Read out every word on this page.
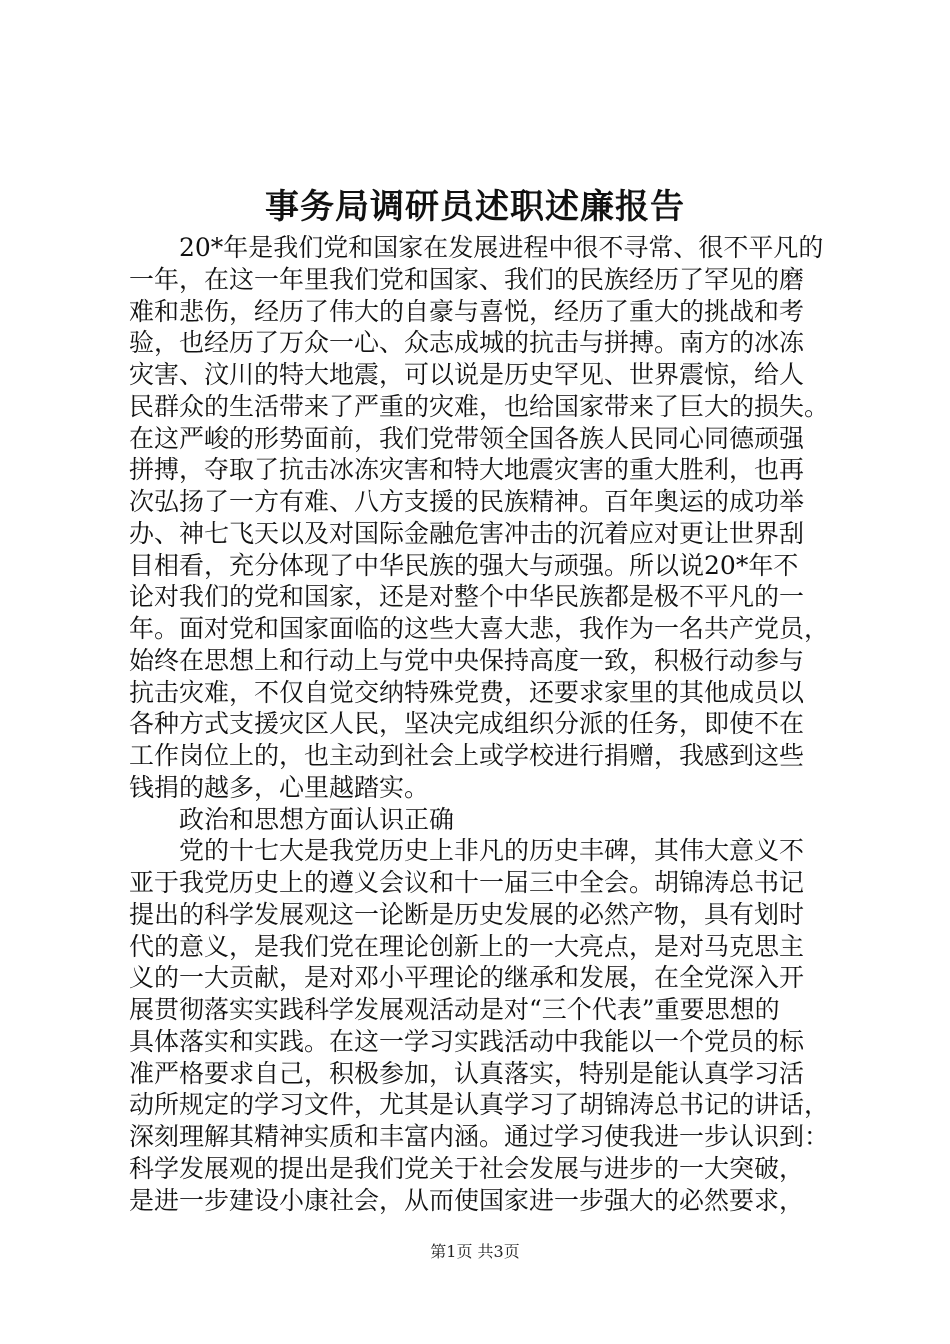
事务局调研员述职述廉报告
　　20*年是我们党和国家在发展进程中很不寻常、很不平凡的
一年，在这一年里我们党和国家、我们的民族经历了罕见的磨
难和悲伤，经历了伟大的自豪与喜悦，经历了重大的挑战和考
验，也经历了万众一心、众志成城的抗击与拼搏。南方的冰冻
灾害、汶川的特大地震，可以说是历史罕见、世界震惊，给人
民群众的生活带来了严重的灾难，也给国家带来了巨大的损失。
在这严峻的形势面前，我们党带领全国各族人民同心同德顽强
拼搏，夺取了抗击冰冻灾害和特大地震灾害的重大胜利，也再
次弘扬了一方有难、八方支援的民族精神。百年奥运的成功举
办、神七飞天以及对国际金融危害冲击的沉着应对更让世界刮
目相看，充分体现了中华民族的强大与顽强。所以说20*年不
论对我们的党和国家，还是对整个中华民族都是极不平凡的一
年。面对党和国家面临的这些大喜大悲，我作为一名共产党员，
始终在思想上和行动上与党中央保持高度一致，积极行动参与
抗击灾难，不仅自觉交纳特殊党费，还要求家里的其他成员以
各种方式支援灾区人民，坚决完成组织分派的任务，即使不在
工作岗位上的，也主动到社会上或学校进行捐赠，我感到这些
钱捐的越多，心里越踏实。
　　政治和思想方面认识正确
　　党的十七大是我党历史上非凡的历史丰碑，其伟大意义不
亚于我党历史上的遵义会议和十一届三中全会。胡锦涛总书记
提出的科学发展观这一论断是历史发展的必然产物，具有划时
代的意义，是我们党在理论创新上的一大亮点，是对马克思主
义的一大贡献，是对邓小平理论的继承和发展，在全党深入开
展贯彻落实实践科学发展观活动是对“三个代表”重要思想的
具体落实和实践。在这一学习实践活动中我能以一个党员的标
准严格要求自己，积极参加，认真落实，特别是能认真学习活
动所规定的学习文件，尤其是认真学习了胡锦涛总书记的讲话，
深刻理解其精神实质和丰富内涵。通过学习使我进一步认识到：
科学发展观的提出是我们党关于社会发展与进步的一大突破，
是进一步建设小康社会，从而使国家进一步强大的必然要求，
第1页 共3页
